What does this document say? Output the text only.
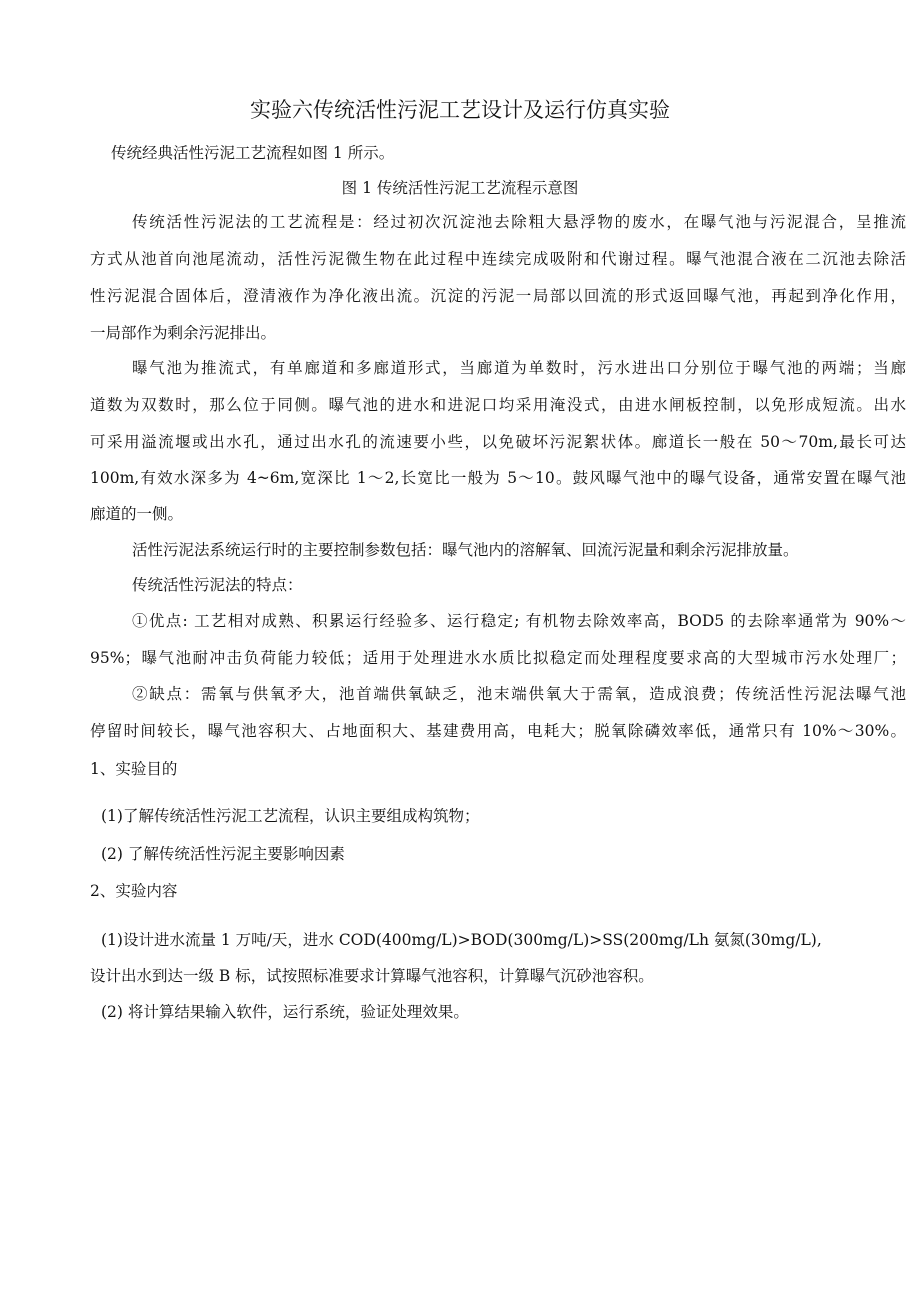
实验六传统活性污泥工艺设计及运行仿真实验
传统经典活性污泥工艺流程如图 1 所示。
图 1 传统活性污泥工艺流程示意图
传统活性污泥法的工艺流程是：经过初次沉淀池去除粗大悬浮物的废水，在曝气池与污泥混合，呈推流
方式从池首向池尾流动，活性污泥微生物在此过程中连续完成吸附和代谢过程。曝气池混合液在二沉池去除活
性污泥混合固体后，澄清液作为净化液出流。沉淀的污泥一局部以回流的形式返回曝气池，再起到净化作用，
一局部作为剩余污泥排出。
曝气池为推流式，有单廊道和多廊道形式，当廊道为单数时，污水进出口分别位于曝气池的两端；当廊
道数为双数时，那么位于同侧。曝气池的进水和进泥口均采用淹没式，由进水闸板控制，以免形成短流。出水
可采用溢流堰或出水孔，通过出水孔的流速要小些，以免破坏污泥絮状体。廊道长一般在 50～70m,最长可达
100m,有效水深多为 4~6m,宽深比 1～2,长宽比一般为 5～10。鼓风曝气池中的曝气设备，通常安置在曝气池
廊道的一侧。
活性污泥法系统运行时的主要控制参数包括：曝气池内的溶解氧、回流污泥量和剩余污泥排放量。
传统活性污泥法的特点：
①优点: 工艺相对成熟、积累运行经验多、运行稳定; 有机物去除效率高，BOD5 的去除率通常为 90%～
95%；曝气池耐冲击负荷能力较低；适用于处理进水水质比拟稳定而处理程度要求高的大型城市污水处理厂；
②缺点：需氧与供氧矛大，池首端供氧缺乏，池末端供氧大于需氧，造成浪费；传统活性污泥法曝气池
停留时间较长，曝气池容积大、占地面积大、基建费用高，电耗大；脱氧除磷效率低，通常只有 10%～30%。
1、实验目的
(1)了解传统活性污泥工艺流程，认识主要组成构筑物；
(2) 了解传统活性污泥主要影响因素
2、实验内容
(1)设计进水流量 1 万吨/天，进水 COD(400mg/L)>BOD(300mg/L)>SS(200mg/Lh 氨氮(30mg/L),
设计出水到达一级 B 标，试按照标准要求计算曝气池容积，计算曝气沉砂池容积。
(2) 将计算结果输入软件，运行系统，验证处理效果。
